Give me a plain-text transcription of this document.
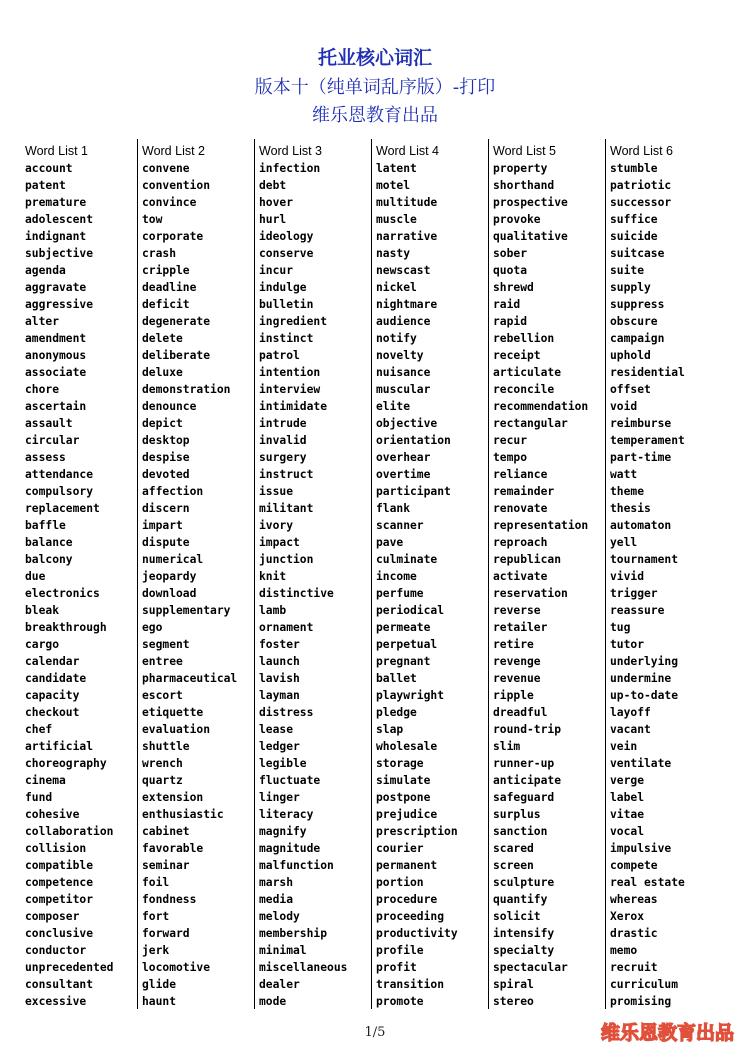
托业核心词汇
版本十（纯单词乱序版）-打印
维乐恩教育出品
Word List 1
account
patent
premature
adolescent
indignant
subjective
agenda
aggravate
aggressive
alter
amendment
anonymous
associate
chore
ascertain
assault
circular
assess
attendance
compulsory
replacement
baffle
balance
balcony
due
electronics
bleak
breakthrough
cargo
calendar
candidate
capacity
checkout
chef
artificial
choreography
cinema
fund
cohesive
collaboration
collision
compatible
competence
competitor
composer
conclusive
conductor
unprecedented
consultant
excessive
Word List 2
convene
convention
convince
tow
corporate
crash
cripple
deadline
deficit
degenerate
delete
deliberate
deluxe
demonstration
denounce
depict
desktop
despise
devoted
affection
discern
impart
dispute
numerical
jeopardy
download
supplementary
ego
segment
entree
pharmaceutical
escort
etiquette
evaluation
shuttle
wrench
quartz
extension
enthusiastic
cabinet
favorable
seminar
foil
fondness
fort
forward
jerk
locomotive
glide
haunt
Word List 3
infection
debt
hover
hurl
ideology
conserve
incur
indulge
bulletin
ingredient
instinct
patrol
intention
interview
intimidate
intrude
invalid
surgery
instruct
issue
militant
ivory
impact
junction
knit
distinctive
lamb
ornament
foster
launch
lavish
layman
distress
lease
ledger
legible
fluctuate
linger
literacy
magnify
magnitude
malfunction
marsh
media
melody
membership
minimal
miscellaneous
dealer
mode
Word List 4
latent
motel
multitude
muscle
narrative
nasty
newscast
nickel
nightmare
audience
notify
novelty
nuisance
muscular
elite
objective
orientation
overhear
overtime
participant
flank
scanner
pave
culminate
income
perfume
periodical
permeate
perpetual
pregnant
ballet
playwright
pledge
slap
wholesale
storage
simulate
postpone
prejudice
prescription
courier
permanent
portion
procedure
proceeding
productivity
profile
profit
transition
promote
Word List 5
property
shorthand
prospective
provoke
qualitative
sober
quota
shrewd
raid
rapid
rebellion
receipt
articulate
reconcile
recommendation
rectangular
recur
tempo
reliance
remainder
renovate
representation
reproach
republican
activate
reservation
reverse
retailer
retire
revenge
revenue
ripple
dreadful
round-trip
slim
runner-up
anticipate
safeguard
surplus
sanction
scared
screen
sculpture
quantify
solicit
intensify
specialty
spectacular
spiral
stereo
Word List 6
stumble
patriotic
successor
suffice
suicide
suitcase
suite
supply
suppress
obscure
campaign
uphold
residential
offset
void
reimburse
temperament
part-time
watt
theme
thesis
automaton
yell
tournament
vivid
trigger
reassure
tug
tutor
underlying
undermine
up-to-date
layoff
vacant
vein
ventilate
verge
label
vitae
vocal
impulsive
compete
real estate
whereas
Xerox
drastic
memo
recruit
curriculum
promising
1/5	维乐恩教育出品
